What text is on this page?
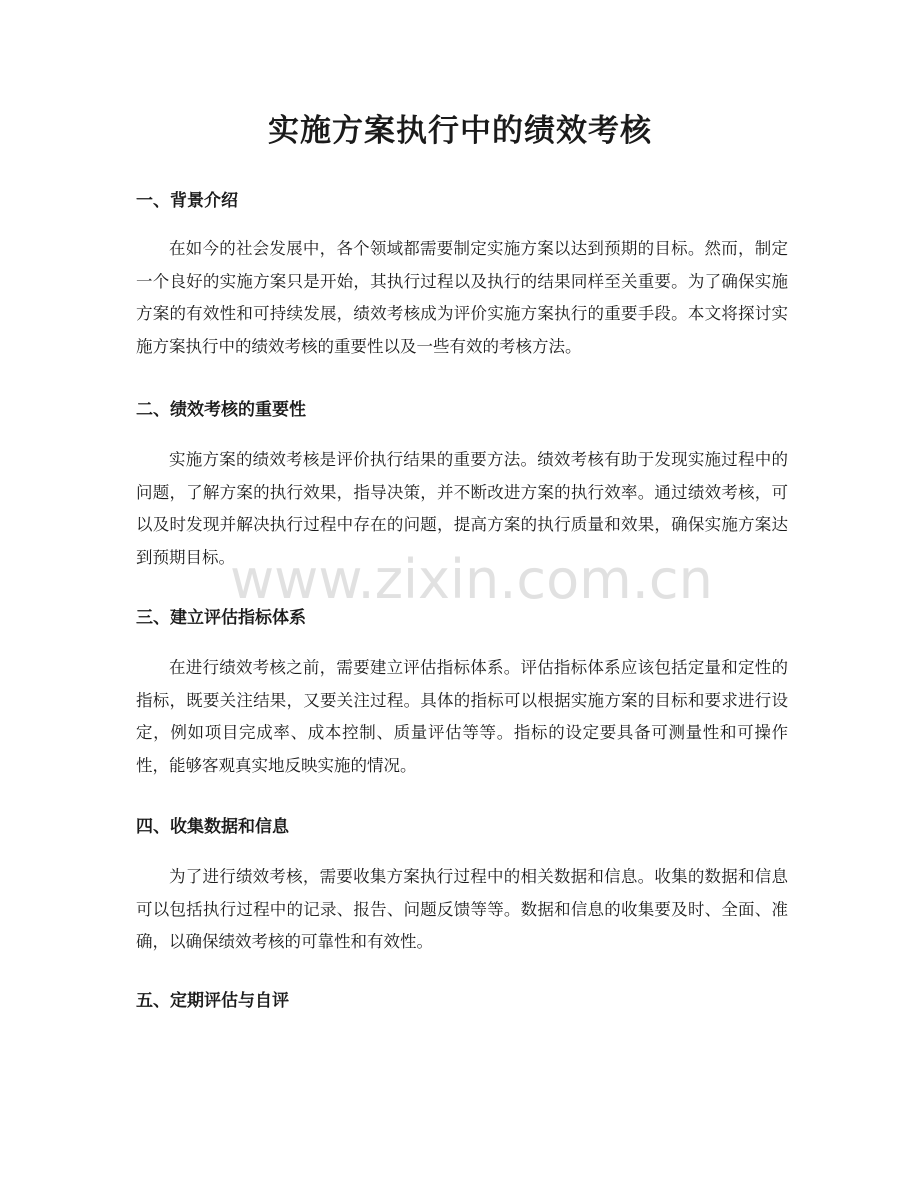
实施方案执行中的绩效考核
一、背景介绍

在如今的社会发展中，各个领域都需要制定实施方案以达到预期的目标。然而，制定一个良好的实施方案只是开始，其执行过程以及执行的结果同样至关重要。为了确保实施方案的有效性和可持续发展，绩效考核成为评价实施方案执行的重要手段。本文将探讨实施方案执行中的绩效考核的重要性以及一些有效的考核方法。

二、绩效考核的重要性

实施方案的绩效考核是评价执行结果的重要方法。绩效考核有助于发现实施过程中的问题，了解方案的执行效果，指导决策，并不断改进方案的执行效率。通过绩效考核，可以及时发现并解决执行过程中存在的问题，提高方案的执行质量和效果，确保实施方案达到预期目标。

三、建立评估指标体系

在进行绩效考核之前，需要建立评估指标体系。评估指标体系应该包括定量和定性的指标，既要关注结果，又要关注过程。具体的指标可以根据实施方案的目标和要求进行设定，例如项目完成率、成本控制、质量评估等等。指标的设定要具备可测量性和可操作性，能够客观真实地反映实施的情况。

四、收集数据和信息

为了进行绩效考核，需要收集方案执行过程中的相关数据和信息。收集的数据和信息可以包括执行过程中的记录、报告、问题反馈等等。数据和信息的收集要及时、全面、准确，以确保绩效考核的可靠性和有效性。

五、定期评估与自评
www.zixin.com.cn
